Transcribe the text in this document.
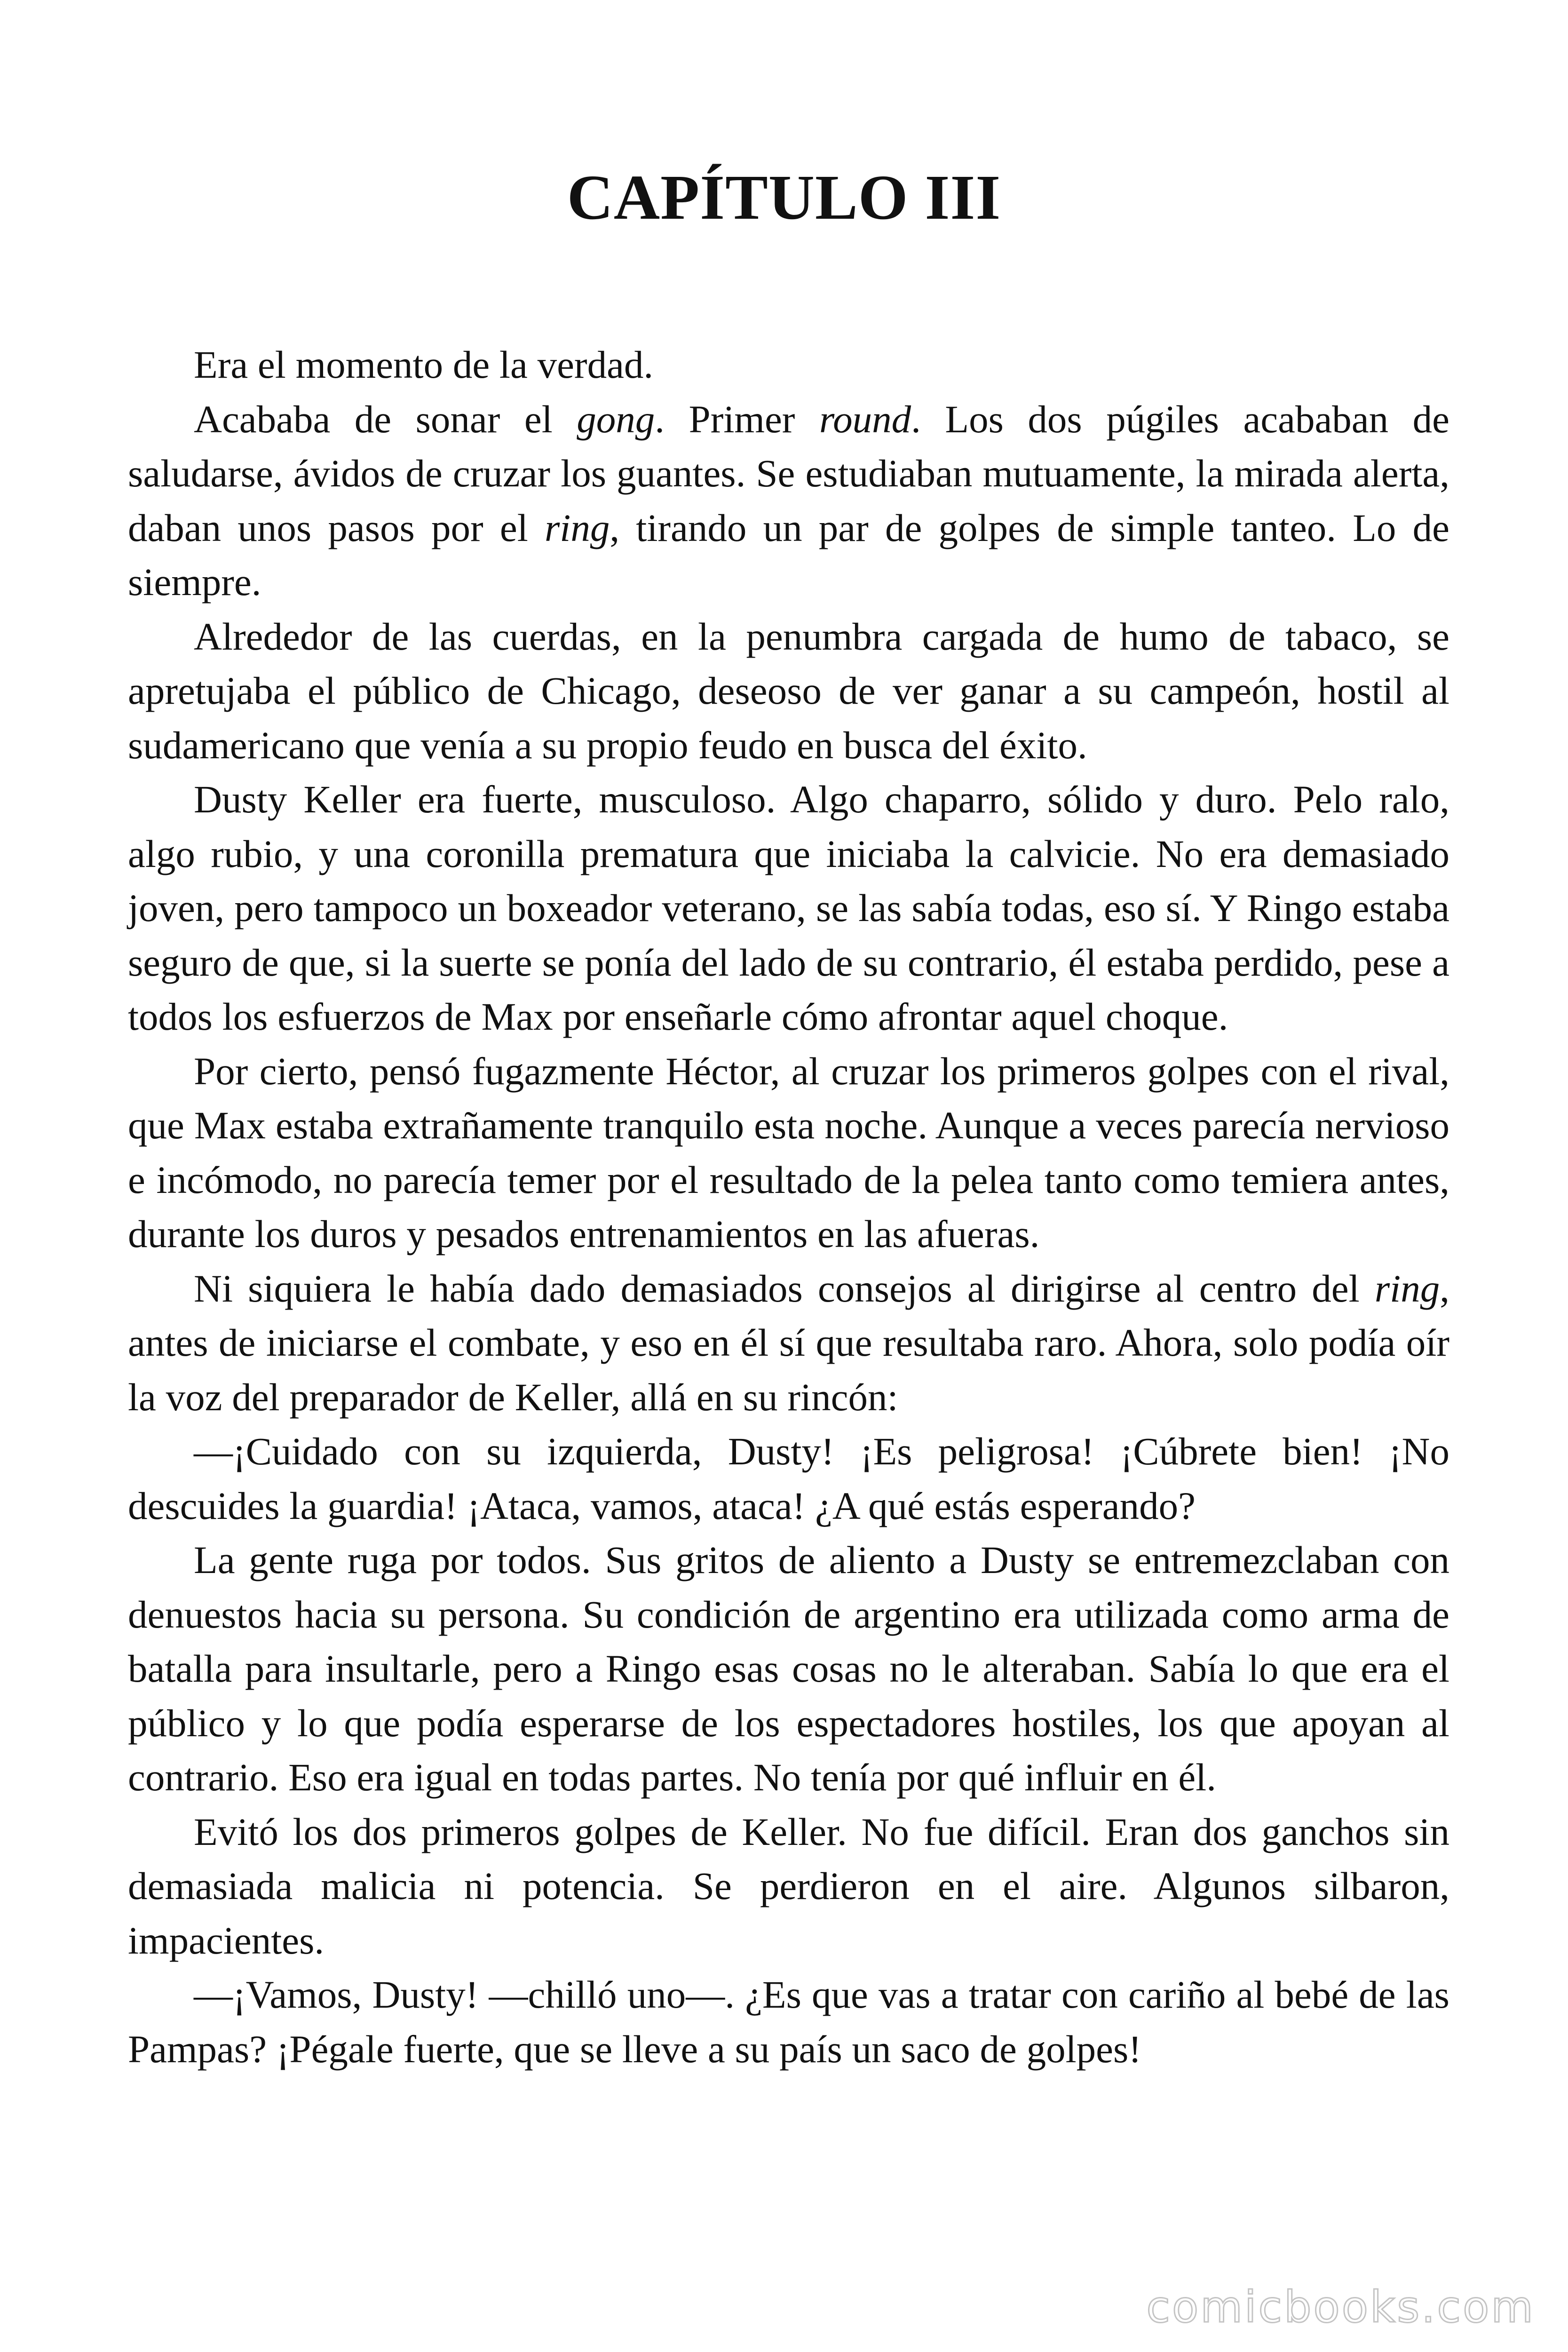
CAPÍTULO III

Era el momento de la verdad.

Acababa de sonar el gong. Primer round. Los dos púgiles acababan de saludarse, ávidos de cruzar los guantes. Se estudiaban mutuamente, la mirada alerta, daban unos pasos por el ring, tirando un par de golpes de simple tanteo. Lo de siempre.

Alrededor de las cuerdas, en la penumbra cargada de humo de tabaco, se apretujaba el público de Chicago, deseoso de ver ganar a su campeón, hostil al sudamericano que venía a su propio feudo en busca del éxito.

Dusty Keller era fuerte, musculoso. Algo chaparro, sólido y duro. Pelo ralo, algo rubio, y una coronilla prematura que iniciaba la calvicie. No era demasiado joven, pero tampoco un boxeador veterano, se las sabía todas, eso sí. Y Ringo estaba seguro de que, si la suerte se ponía del lado de su contrario, él estaba perdido, pese a todos los esfuerzos de Max por enseñarle cómo afrontar aquel choque.

Por cierto, pensó fugazmente Héctor, al cruzar los primeros golpes con el rival, que Max estaba extrañamente tranquilo esta noche. Aunque a veces parecía nervioso e incómodo, no parecía temer por el resultado de la pelea tanto como temiera antes, durante los duros y pesados entrenamientos en las afueras.

Ni siquiera le había dado demasiados consejos al dirigirse al centro del ring, antes de iniciarse el combate, y eso en él sí que resultaba raro. Ahora, solo podía oír la voz del preparador de Keller, allá en su rincón:

—¡Cuidado con su izquierda, Dusty! ¡Es peligrosa! ¡Cúbrete bien! ¡No descuides la guardia! ¡Ataca, vamos, ataca! ¿A qué estás esperando?

La gente ruga por todos. Sus gritos de aliento a Dusty se entremezclaban con denuestos hacia su persona. Su condición de argentino era utilizada como arma de batalla para insultarle, pero a Ringo esas cosas no le alteraban. Sabía lo que era el público y lo que podía esperarse de los espectadores hostiles, los que apoyan al contrario. Eso era igual en todas partes. No tenía por qué influir en él.

Evitó los dos primeros golpes de Keller. No fue difícil. Eran dos ganchos sin demasiada malicia ni potencia. Se perdieron en el aire. Algunos silbaron, impacientes.

—¡Vamos, Dusty! —chilló uno—. ¿Es que vas a tratar con cariño al bebé de las Pampas? ¡Pégale fuerte, que se lleve a su país un saco de golpes!

comicbooks.com
